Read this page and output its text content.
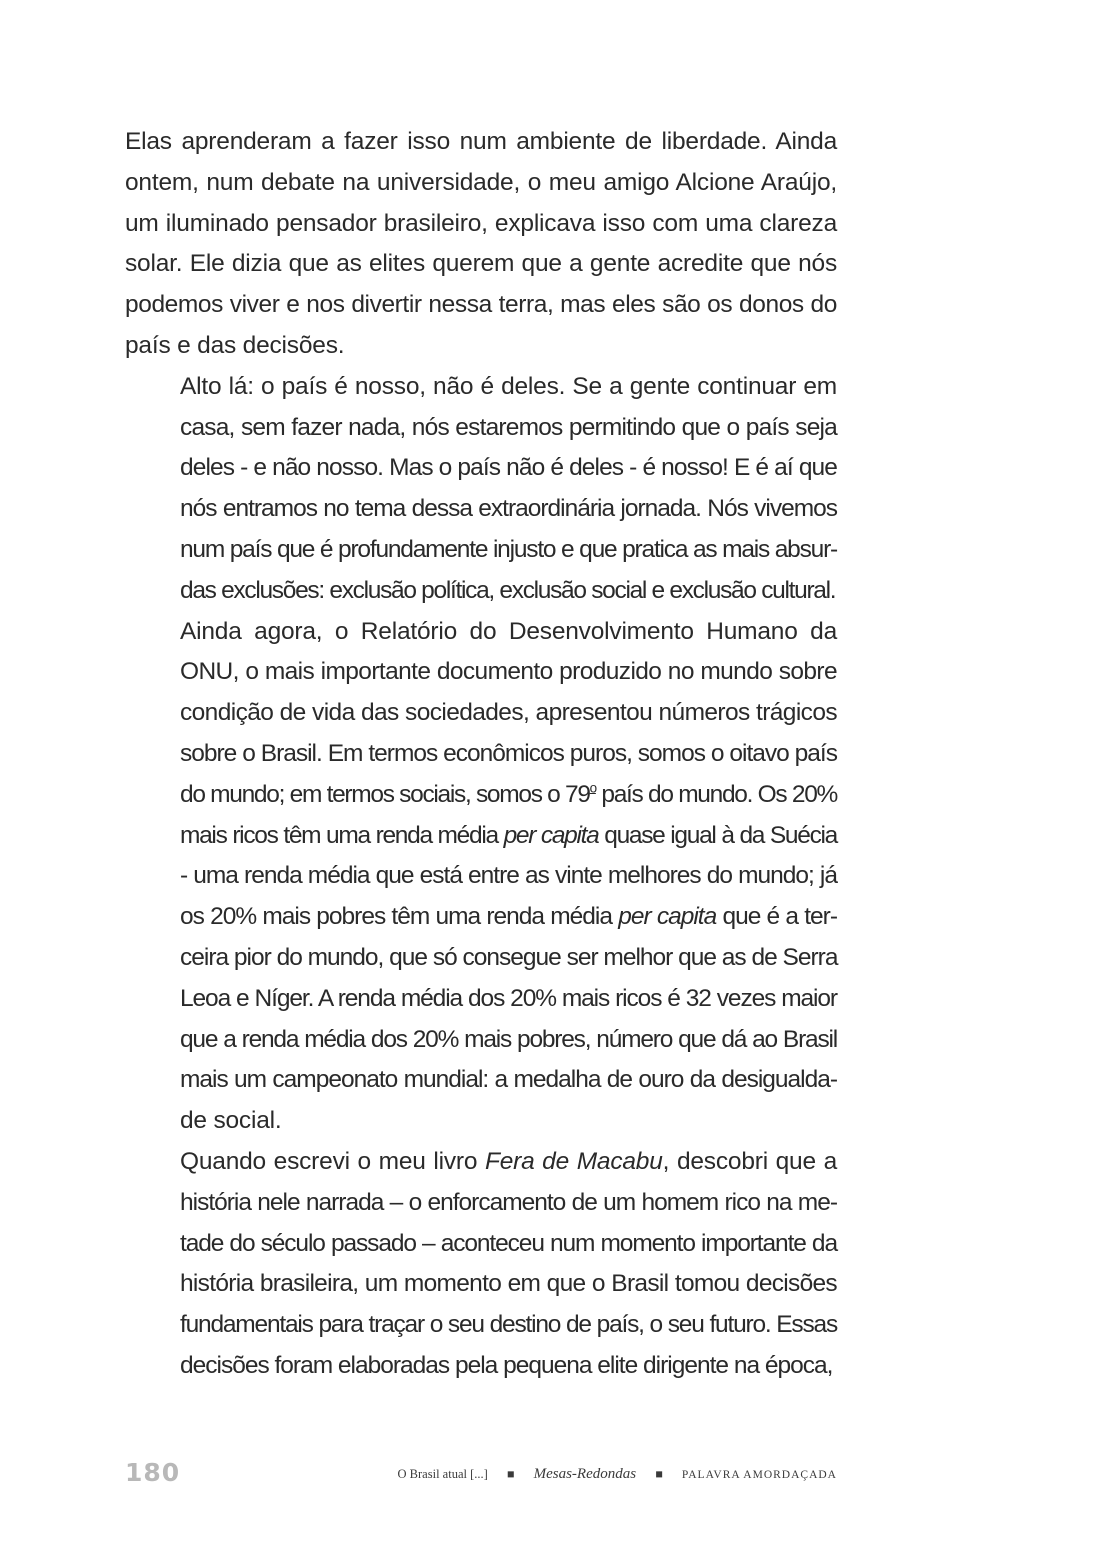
Elas aprenderam a fazer isso num ambiente de liberdade. Ainda
ontem, num debate na universidade, o meu amigo Alcione Araújo,
um iluminado pensador brasileiro, explicava isso com uma clareza
solar. Ele dizia que as elites querem que a gente acredite que nós
podemos viver e nos divertir nessa terra, mas eles são os donos do
país e das decisões.
Alto lá: o país é nosso, não é deles. Se a gente continuar em
casa, sem fazer nada, nós estaremos permitindo que o país seja
deles - e não nosso. Mas o país não é deles - é nosso! E é aí que
nós entramos no tema dessa extraordinária jornada. Nós vivemos
num país que é profundamente injusto e que pratica as mais absur-
das exclusões: exclusão política, exclusão social e exclusão cultural.
Ainda agora, o Relatório do Desenvolvimento Humano da
ONU, o mais importante documento produzido no mundo sobre
condição de vida das sociedades, apresentou números trágicos
sobre o Brasil. Em termos econômicos puros, somos o oitavo país
do mundo; em termos sociais, somos o 79$^o$ país do mundo. Os 20%
mais ricos têm uma renda média per capita quase igual à da Suécia
- uma renda média que está entre as vinte melhores do mundo; já
os 20% mais pobres têm uma renda média per capita que é a ter-
ceira pior do mundo, que só consegue ser melhor que as de Serra
Leoa e Níger. A renda média dos 20% mais ricos é 32 vezes maior
que a renda média dos 20% mais pobres, número que dá ao Brasil
mais um campeonato mundial: a medalha de ouro da desigualda-
de social.
Quando escrevi o meu livro Fera de Macabu, descobri que a
história nele narrada – o enforcamento de um homem rico na me-
tade do século passado – aconteceu num momento importante da
história brasileira, um momento em que o Brasil tomou decisões
fundamentais para traçar o seu destino de país, o seu futuro. Essas
decisões foram elaboradas pela pequena elite dirigente na época,
180	O Brasil atual [...] ■ Mesas-Redondas ■ PALAVRA AMORDAÇADA
